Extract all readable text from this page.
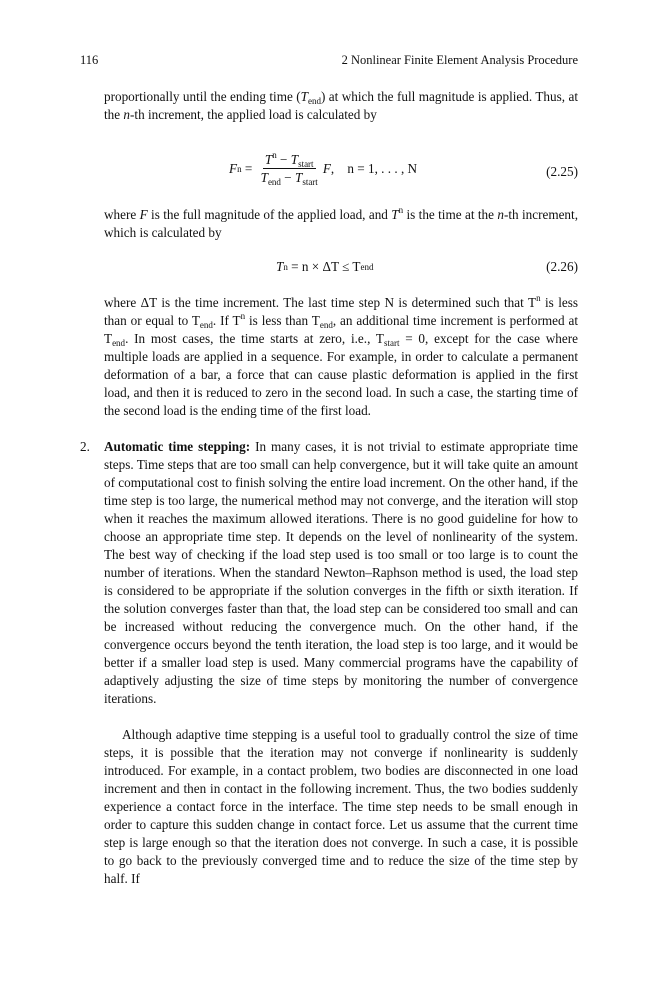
116	2 Nonlinear Finite Element Analysis Procedure

proportionally until the ending time $(T_{end})$ at which the full magnitude is applied. Thus, at the n-th increment, the applied load is calculated by

F $n = \frac{T^n - T_{start}}{T_{end} - T_{start}}$ F ,    n = 1, . . . , N	(2.25)

where F is the full magnitude of the applied load, and $T^n$ is the time at the n-th increment, which is calculated by

T n = n × ΔT ≤ T end	(2.26)

where ΔT is the time increment. The last time step N is determined such that $T^n$ is less than or equal to $T_{end}$. If $T^n$ is less than $T_{end}$, an additional time increment is performed at $T_{end}$. In most cases, the time starts at zero, i.e., $T_{start} = 0$, except for the case where multiple loads are applied in a sequence. For example, in order to calculate a permanent deformation of a bar, a force that can cause plastic deformation is applied in the first load, and then it is reduced to zero in the second load. In such a case, the starting time of the second load is the ending time of the first load.

2. Automatic time stepping: In many cases, it is not trivial to estimate appropriate time steps. Time steps that are too small can help convergence, but it will take quite an amount of computational cost to finish solving the entire load increment. On the other hand, if the time step is too large, the numerical method may not converge, and the iteration will stop when it reaches the maximum allowed iterations. There is no good guideline for how to choose an appropriate time step. It depends on the level of nonlinearity of the system. The best way of checking if the load step used is too small or too large is to count the number of iterations. When the standard Newton–Raphson method is used, the load step is considered to be appropriate if the solution converges in the fifth or sixth iteration. If the solution converges faster than that, the load step can be considered too small and can be increased without reducing the convergence much. On the other hand, if the convergence occurs beyond the tenth iteration, the load step is too large, and it would be better if a smaller load step is used. Many commercial programs have the capability of adaptively adjusting the size of time steps by monitoring the number of convergence iterations.

Although adaptive time stepping is a useful tool to gradually control the size of time steps, it is possible that the iteration may not converge if nonlinearity is suddenly introduced. For example, in a contact problem, two bodies are disconnected in one load increment and then in contact in the following increment. Thus, the two bodies suddenly experience a contact force in the interface. The time step needs to be small enough in order to capture this sudden change in contact force. Let us assume that the current time step is large enough so that the iteration does not converge. In such a case, it is possible to go back to the previously converged time and to reduce the size of the time step by half. If
